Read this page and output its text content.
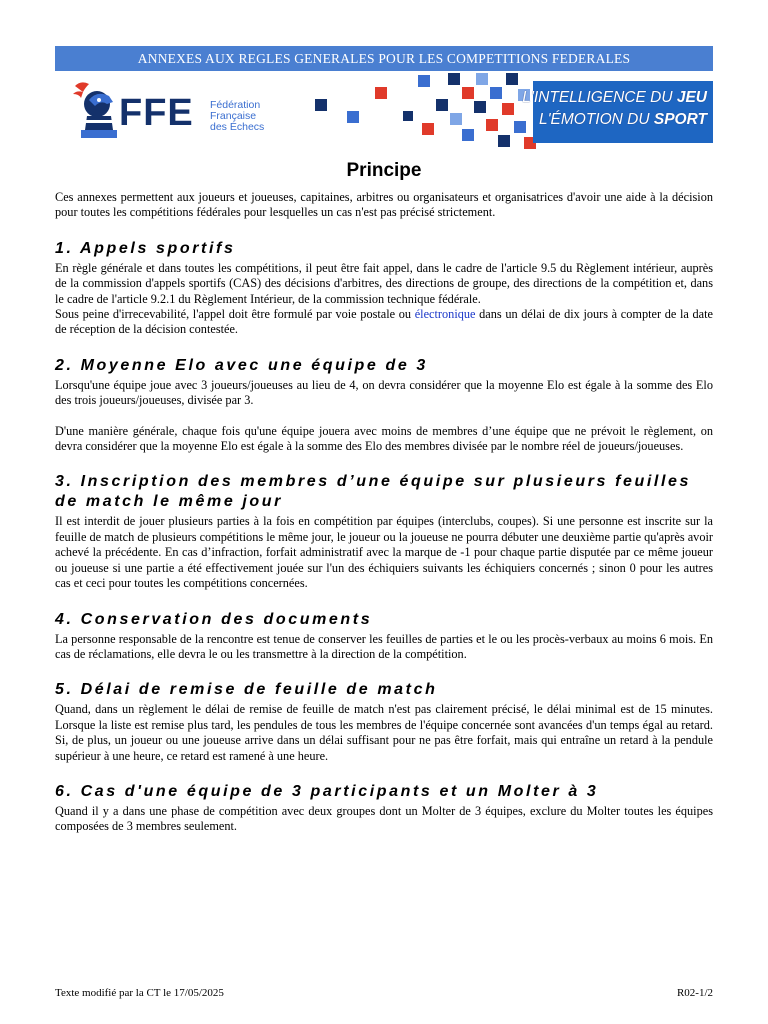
ANNEXES AUX REGLES GENERALES POUR LES COMPETITIONS FEDERALES
FFE Fédération
Française
des Échecs
L'INTELLIGENCE DU JEU
L'ÉMOTION DU SPORT
Principe

Ces annexes permettent aux joueurs et joueuses, capitaines, arbitres ou organisateurs et organisatrices d'avoir une aide à la décision pour toutes les compétitions fédérales pour lesquelles un cas n'est pas précisé strictement.

1. Appels sportifs

En règle générale et dans toutes les compétitions, il peut être fait appel, dans le cadre de l'article 9.5 du Règlement intérieur, auprès de la commission d'appels sportifs (CAS) des décisions d'arbitres, des directions de groupe, des directions de la compétition et, dans le cadre de l'article 9.2.1 du Règlement Intérieur, de la commission technique fédérale.

Sous peine d'irrecevabilité, l'appel doit être formulé par voie postale ou électronique dans un délai de dix jours à compter de la date de réception de la décision contestée.

2. Moyenne Elo avec une équipe de 3

Lorsqu'une équipe joue avec 3 joueurs/joueuses au lieu de 4, on devra considérer que la moyenne Elo est égale à la somme des Elo des trois joueurs/joueuses, divisée par 3.

D'une manière générale, chaque fois qu'une équipe jouera avec moins de membres d’une équipe que ne prévoit le règlement, on devra considérer que la moyenne Elo est égale à la somme des Elo des membres divisée par le nombre réel de joueurs/joueuses.

3. Inscription des membres d’une équipe sur plusieurs feuilles de match le même jour

Il est interdit de jouer plusieurs parties à la fois en compétition par équipes (interclubs, coupes). Si une personne est inscrite sur la feuille de match de plusieurs compétitions le même jour, le joueur ou la joueuse ne pourra débuter une deuxième partie qu'après avoir achevé la précédente. En cas d’infraction, forfait administratif avec la marque de -1 pour chaque partie disputée par ce même joueur ou joueuse si une partie a été effectivement jouée sur l'un des échiquiers suivants les échiquiers concernés ; sinon 0 pour les autres cas et ceci pour toutes les compétitions concernées.

4. Conservation des documents

La personne responsable de la rencontre est tenue de conserver les feuilles de parties et le ou les procès-verbaux au moins 6 mois. En cas de réclamations, elle devra le ou les transmettre à la direction de la compétition.

5. Délai de remise de feuille de match

Quand, dans un règlement le délai de remise de feuille de match n'est pas clairement précisé, le délai minimal est de 15 minutes. Lorsque la liste est remise plus tard, les pendules de tous les membres de l'équipe concernée sont avancées d'un temps égal au retard. Si, de plus, un joueur ou une joueuse arrive dans un délai suffisant pour ne pas être forfait, mais qui entraîne un retard à la pendule supérieur à une heure, ce retard est ramené à une heure.

6. Cas d'une équipe de 3 participants et un Molter à 3

Quand il y a dans une phase de compétition avec deux groupes dont un Molter de 3 équipes, exclure du Molter toutes les équipes composées de 3 membres seulement.

Texte modifié par la CT le 17/05/2025	R02-1/2
